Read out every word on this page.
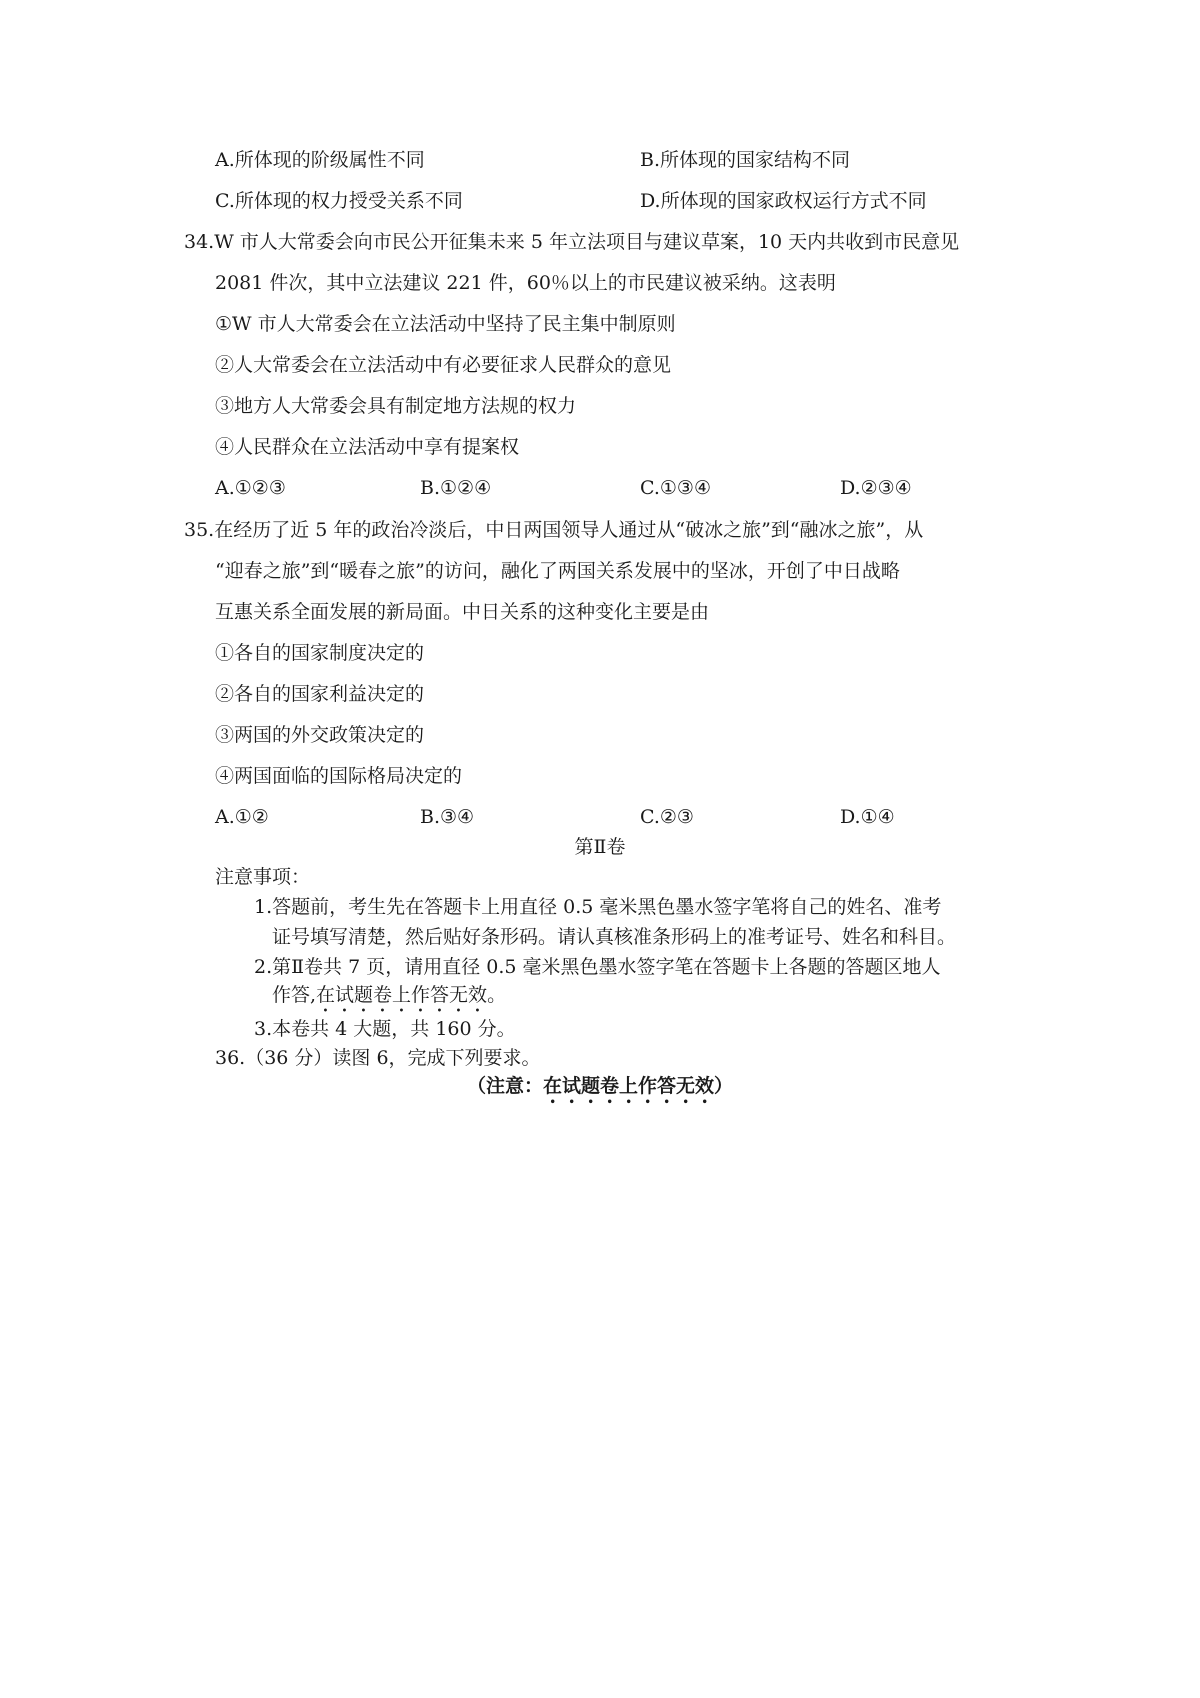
A.所体现的阶级属性不同	B.所体现的国家结构不同
C.所体现的权力授受关系不同	D.所体现的国家政权运行方式不同
34.W 市人大常委会向市民公开征集未来 5 年立法项目与建议草案，10 天内共收到市民意见
2081 件次，其中立法建议 221 件，60％以上的市民建议被采纳。这表明
①W 市人大常委会在立法活动中坚持了民主集中制原则
②人大常委会在立法活动中有必要征求人民群众的意见
③地方人大常委会具有制定地方法规的权力
④人民群众在立法活动中享有提案权
A.①②③	B.①②④	C.①③④	D.②③④
35.在经历了近 5 年的政治冷淡后，中日两国领导人通过从“破冰之旅”到“融冰之旅”，从
“迎春之旅”到“暖春之旅”的访问，融化了两国关系发展中的坚冰，开创了中日战略
互惠关系全面发展的新局面。中日关系的这种变化主要是由
①各自的国家制度决定的
②各自的国家利益决定的
③两国的外交政策决定的
④两国面临的国际格局决定的
A.①②	B.③④	C.②③	D.①④
第Ⅱ卷
注意事项：
1.答题前，考生先在答题卡上用直径 0.5 毫米黑色墨水签字笔将自己的姓名、准考
证号填写清楚，然后贴好条形码。请认真核准条形码上的准考证号、姓名和科目。
2.第Ⅱ卷共 7 页，请用直径 0.5 毫米黑色墨水签字笔在答题卡上各题的答题区地人
作答,在试题卷上作答无效。
3.本卷共 4 大题，共 160 分。
36.（36 分）读图 6，完成下列要求。
（注意：在试题卷上作答无效）
